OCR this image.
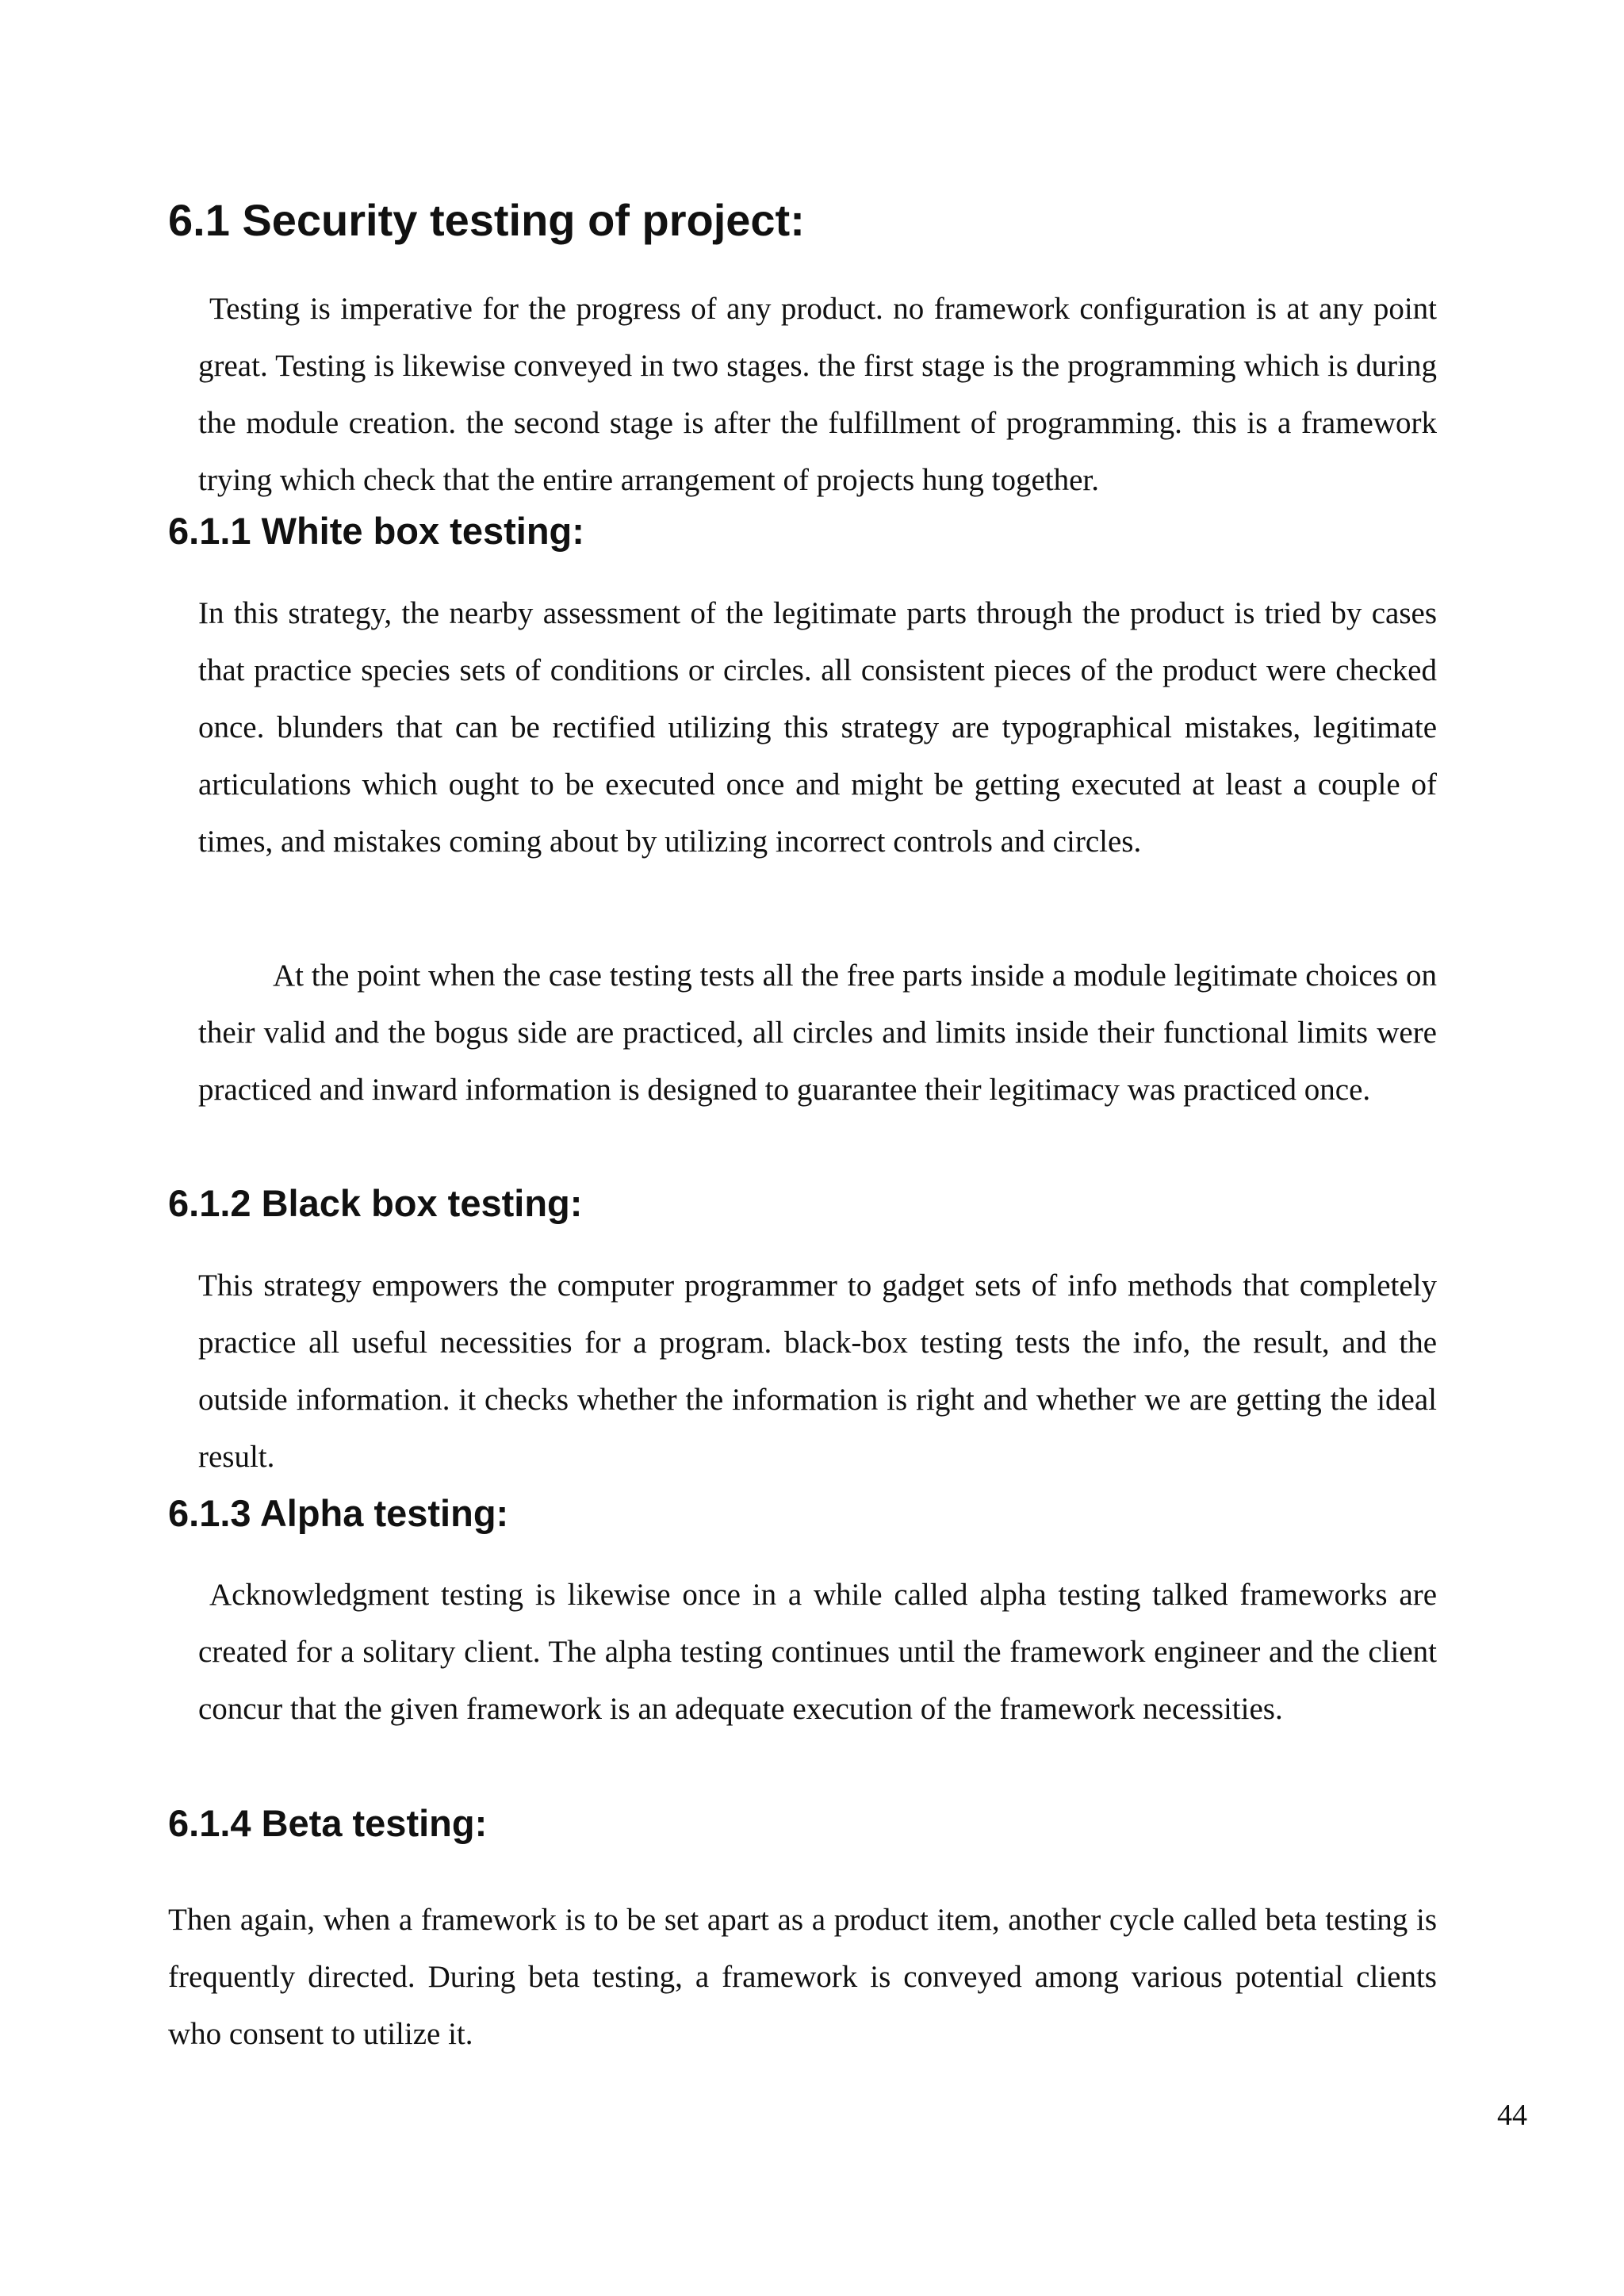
6.1 Security testing of project:

Testing is imperative for the progress of any product. no framework configuration is at any point great. Testing is likewise conveyed in two stages. the first stage is the programming which is during the module creation. the second stage is after the fulfillment of programming. this is a framework trying which check that the entire arrangement of projects hung together.

6.1.1 White box testing:

In this strategy, the nearby assessment of the legitimate parts through the product is tried by cases that practice species sets of conditions or circles. all consistent pieces of the product were checked once. blunders that can be rectified utilizing this strategy are typographical mistakes, legitimate articulations which ought to be executed once and might be getting executed at least a couple of times, and mistakes coming about by utilizing incorrect controls and circles.

At the point when the case testing tests all the free parts inside a module legitimate choices on their valid and the bogus side are practiced, all circles and limits inside their functional limits were practiced and inward information is designed to guarantee their legitimacy was practiced once.

6.1.2 Black box testing:

This strategy empowers the computer programmer to gadget sets of info methods that completely practice all useful necessities for a program. black-box testing tests the info, the result, and the outside information. it checks whether the information is right and whether we are getting the ideal result.

6.1.3 Alpha testing:

Acknowledgment testing is likewise once in a while called alpha testing talked frameworks are created for a solitary client. The alpha testing continues until the framework engineer and the client concur that the given framework is an adequate execution of the framework necessities.

6.1.4 Beta testing:

Then again, when a framework is to be set apart as a product item, another cycle called beta testing is frequently directed. During beta testing, a framework is conveyed among various potential clients who consent to utilize it.

44
